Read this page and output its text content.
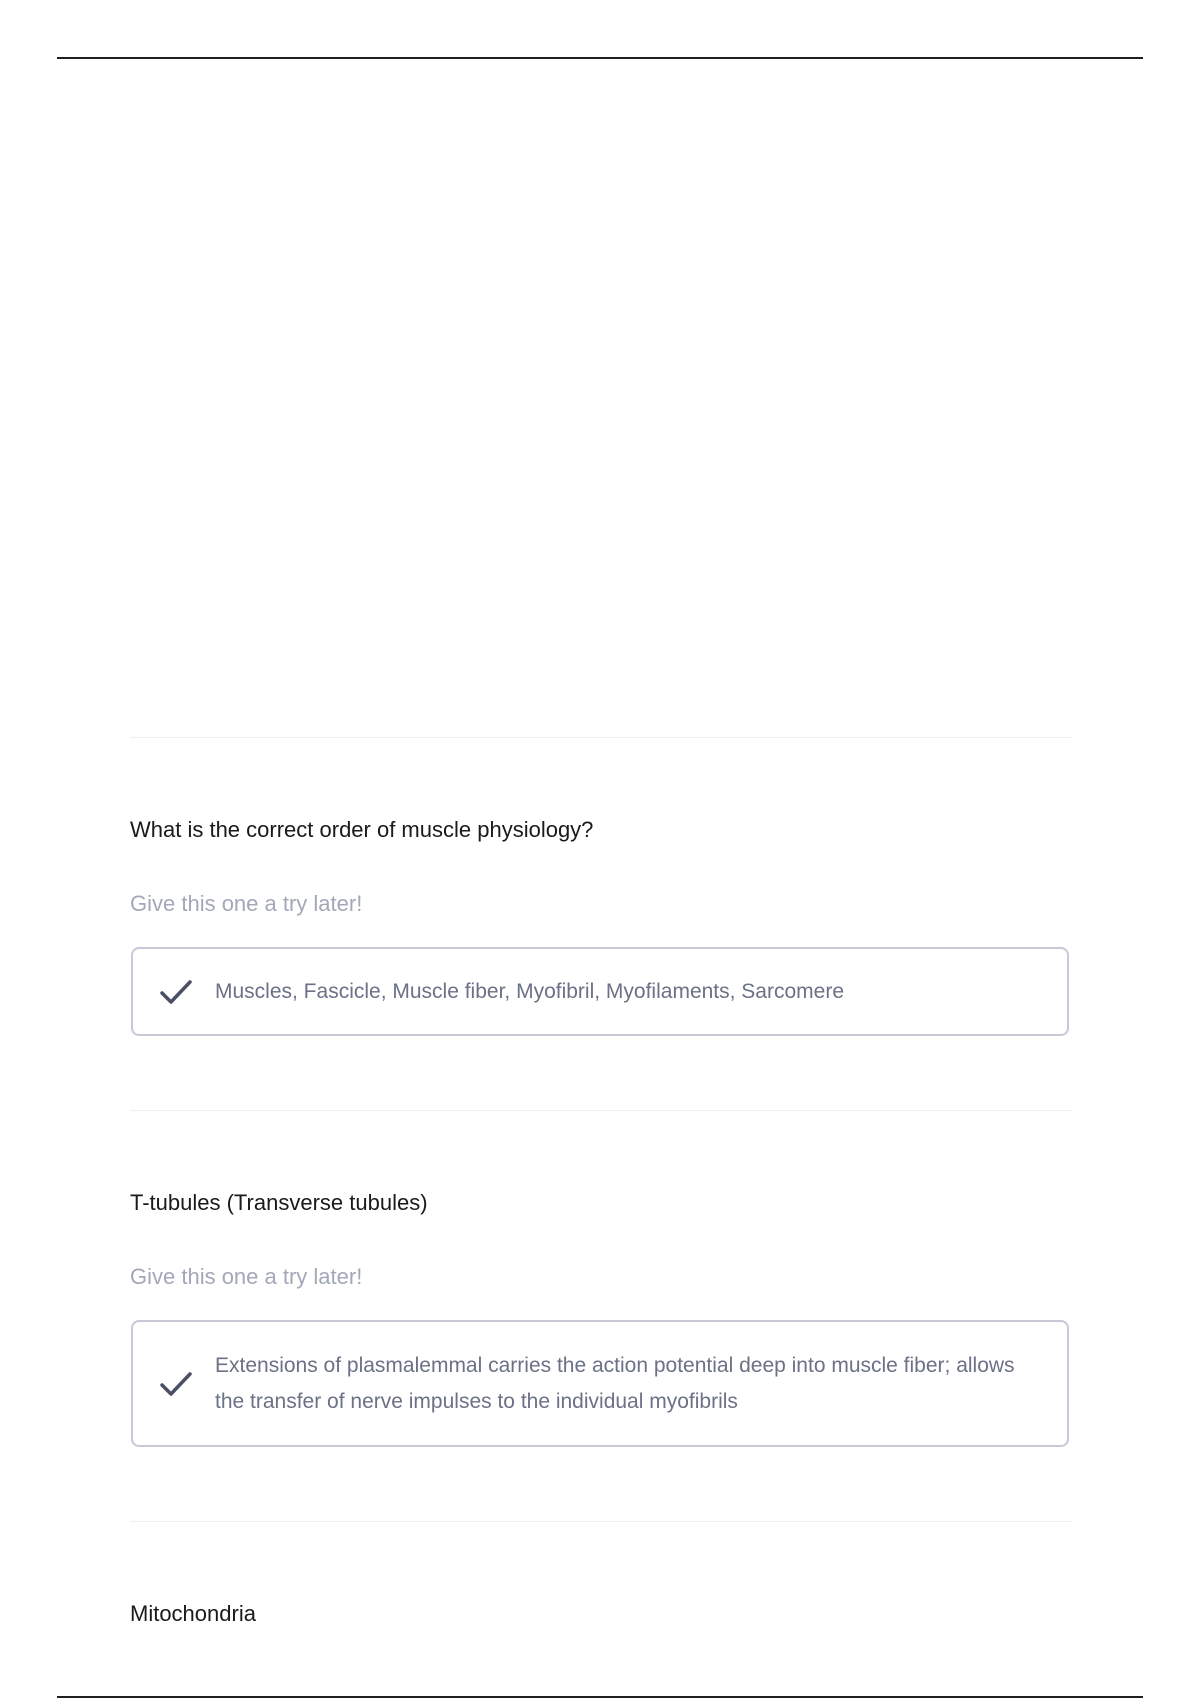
What is the correct order of muscle physiology?
Give this one a try later!
Muscles, Fascicle, Muscle fiber, Myofibril, Myofilaments, Sarcomere
T-tubules (Transverse tubules)
Give this one a try later!
Extensions of plasmalemmal carries the action potential deep into muscle fiber; allows the transfer of nerve impulses to the individual myofibrils
Mitochondria
